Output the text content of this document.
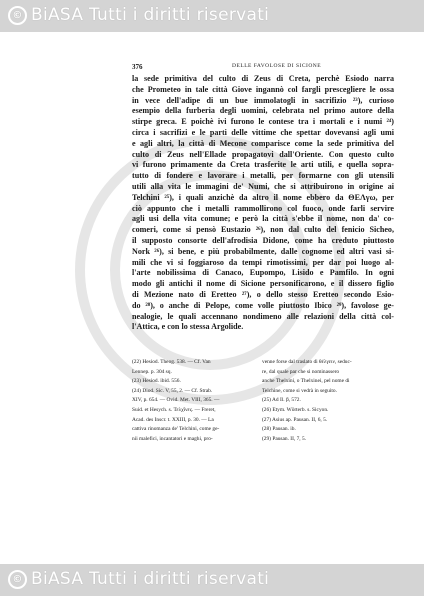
© BiASA Tutti i diritti riservati
376	DELLE FAVOLOSE DI SICIONE
la sede primitiva del culto di Zeus di Creta, perchè Esiodo narra
che Prometeo in tale città Giove ingannò col fargli prescegliere le ossa
in vece dell'adipe di un bue immolatogli in sacrifizio ²³), curioso
esempio della furberia degli uomini, celebrata nel primo autore della
stirpe greca. E poichè ivi furono le contese tra i mortali e i numi ²⁴)
circa i sacrifizi e le parti delle vittime che spettar dovevansi agli umi
e agli altri, la città di Mecone comparisce come la sede primitiva del
culto di Zeus nell'Ellade propagatovi dall'Oriente. Con questo culto
vi furono primamente da Creta trasferite le arti utili, e quella sopra-
tutto di fondere e lavorare i metalli, per formarne con gli utensili
utili alla vita le immagini de' Numi, che si attribuirono in origine ai
Telchini ²⁵), i quali anzichè da altro il nome ebbero da ΘΕΛγω, per
ciò appunto che i metalli rammollirono col fuoco, onde farli servire
agli usi della vita comune; e però la città s'ebbe il nome, non da' co-
comeri, come si pensò Eustazio ²⁶), non dal culto del fenicio Sicheo,
il supposto consorte dell'afrodisia Didone, come ha creduto piuttosto
Nork ²⁶), si bene, e più probabilmente, dalle cognome ed altri vasi si-
mili che vi si foggiaroso da tempi rimotissimi, per dar poi luogo al-
l'arte nobilissima di Canaco, Eupompo, Lisido e Pamfilo. In ogni
modo gli antichi il nome di Sicione personificarono, e il dissero figlio
di Mezione nato di Eretteo ²⁷), o dello stesso Eretteo secondo Esio-
do ²⁸), o anche di Pelope, come volle piuttosto Ibico ²⁹), favolose ge-
nealogie, le quali accennano nondimeno alle relazioni della città col-
l'Attica, e con lo stessa Argolide.
(22) Hesiod. Theog. 538. — Cf. Van
Lennep. p. 304 sq.
(23) Hesiod. ibid. 556.
(24) Diod. Sic. V, 55, 2. — Cf. Strab.
XIV, p. 654. — Ovid. Met. VIII, 365. —
Suid. et Hesych. s. Τελχῖνες. — Freret,
Acad. des Inscr. t. XXIII, p. 30. — La
cattiva rinomanza de' Telchini, come ge-
nii malefici, incantatori e maghi, pro-
venne forse dal traslato di θέλγειν, seduc-
re, dal quale par che si nominassero
anche Thelxini, o Thelxinei, pel nome di
Telchine, come si vedrà in seguito.
(25) Ad Il. β, 572.
(26) Etym. Wörterb. s. Sicyon.
(27) Asius ap. Pausan. II, 6, 5.
(28) Pausan. ib.
(29) Pausan. II, 7, 5.
© BiASA Tutti i diritti riservati
